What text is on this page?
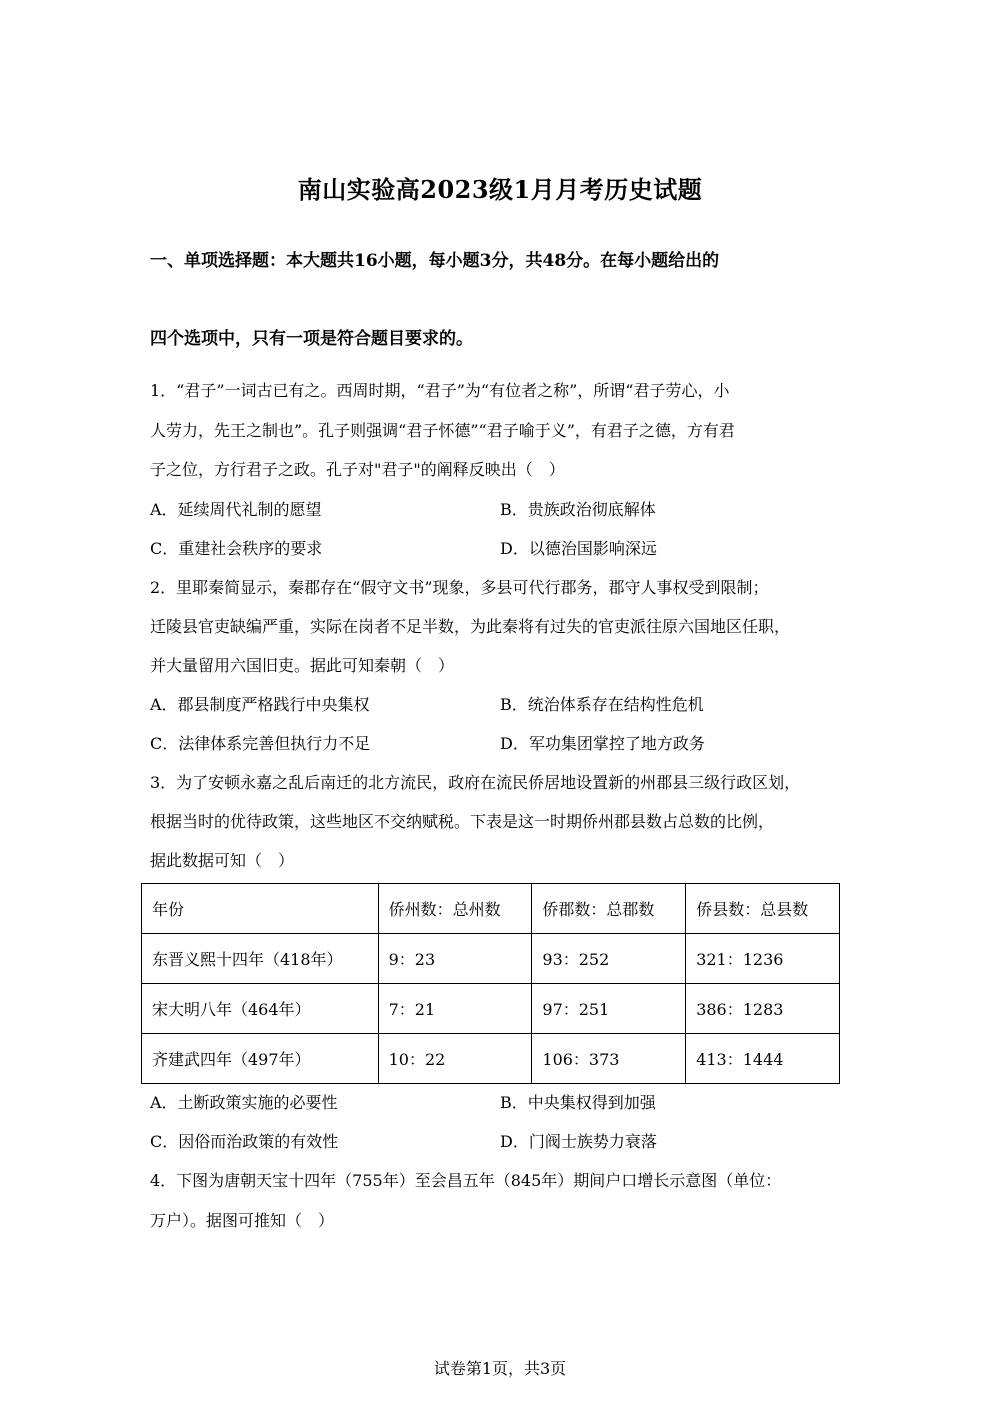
南山实验高2023级1月月考历史试题
一、单项选择题：本大题共16小题，每小题3分，共48分。在每小题给出的
四个选项中，只有一项是符合题目要求的。
1．“君子”一词古已有之。西周时期，“君子”为“有位者之称”，所谓“君子劳心，小
人劳力，先王之制也”。孔子则强调“君子怀德”“君子喻于义”，有君子之德，方有君
子之位，方行君子之政。孔子对"君子"的阐释反映出（　）
A．延续周代礼制的愿望	B．贵族政治彻底解体
C．重建社会秩序的要求	D．以德治国影响深远
2．里耶秦简显示，秦郡存在“假守文书”现象，多县可代行郡务，郡守人事权受到限制；
迁陵县官吏缺编严重，实际在岗者不足半数，为此秦将有过失的官吏派往原六国地区任职，
并大量留用六国旧吏。据此可知秦朝（　）
A．郡县制度严格践行中央集权	B．统治体系存在结构性危机
C．法律体系完善但执行力不足	D．军功集团掌控了地方政务
3．为了安顿永嘉之乱后南迁的北方流民，政府在流民侨居地设置新的州郡县三级行政区划，
根据当时的优待政策，这些地区不交纳赋税。下表是这一时期侨州郡县数占总数的比例，
据此数据可知（　）
年份	侨州数：总州数	侨郡数：总郡数	侨县数：总县数
东晋义熙十四年（418年）	9：23	93：252	321：1236
宋大明八年（464年）	7：21	97：251	386：1283
齐建武四年（497年）	10：22	106：373	413：1444
A．土断政策实施的必要性	B．中央集权得到加强
C．因俗而治政策的有效性	D．门阀士族势力衰落
4．下图为唐朝天宝十四年（755年）至会昌五年（845年）期间户口增长示意图（单位：
万户）。据图可推知（　）
试卷第1页，共3页
